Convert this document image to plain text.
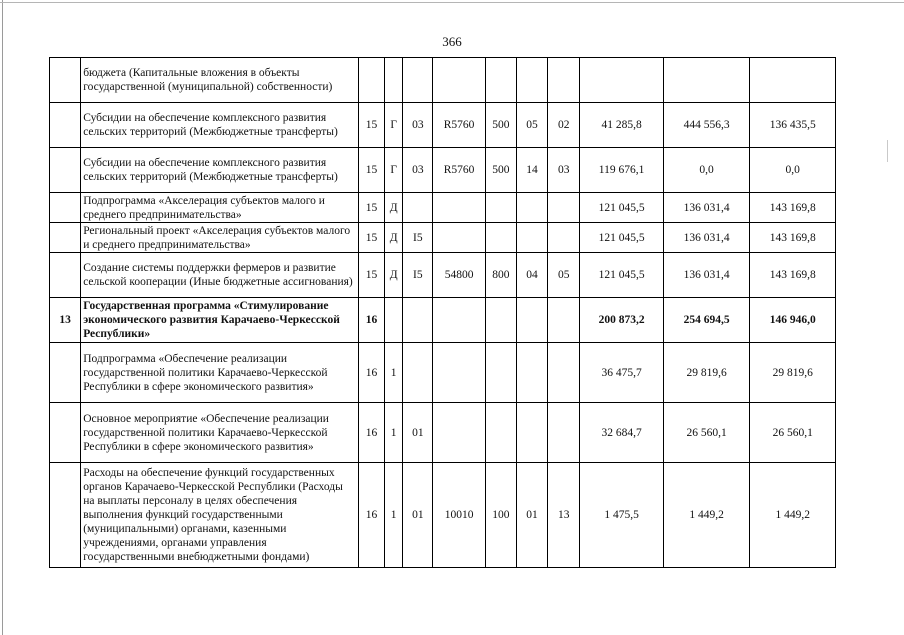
366
	бюджета (Капитальные вложения в объекты государственной (муниципальной) собственности)										
	Субсидии на обеспечение комплексного развития сельских территорий (Межбюджетные трансферты)	15	Г	03	R5760	500	05	02	41 285,8	444 556,3	136 435,5
	Субсидии на обеспечение комплексного развития сельских территорий (Межбюджетные трансферты)	15	Г	03	R5760	500	14	03	119 676,1	0,0	0,0
	Подпрограмма «Акселерация субъектов малого и среднего предпринимательства»	15	Д						121 045,5	136 031,4	143 169,8
	Региональный проект «Акселерация субъектов малого и среднего предпринимательства»	15	Д	I5					121 045,5	136 031,4	143 169,8
	Создание системы поддержки фермеров и развитие сельской кооперации (Иные бюджетные ассигнования)	15	Д	I5	54800	800	04	05	121 045,5	136 031,4	143 169,8
13	Государственная программа «Стимулирование экономического развития Карачаево-Черкесской Республики»	16							200 873,2	254 694,5	146 946,0
	Подпрограмма «Обеспечение реализации государственной политики Карачаево-Черкесской Республики в сфере экономического развития»	16	1						36 475,7	29 819,6	29 819,6
	Основное мероприятие «Обеспечение реализации государственной политики Карачаево-Черкесской Республики в сфере экономического развития»	16	1	01					32 684,7	26 560,1	26 560,1
	Расходы на обеспечение функций государственных органов Карачаево-Черкесской Республики (Расходы на выплаты персоналу в целях обеспечения выполнения функций государственными (муниципальными) органами, казенными учреждениями, органами управления государственными внебюджетными фондами)	16	1	01	10010	100	01	13	1 475,5	1 449,2	1 449,2
